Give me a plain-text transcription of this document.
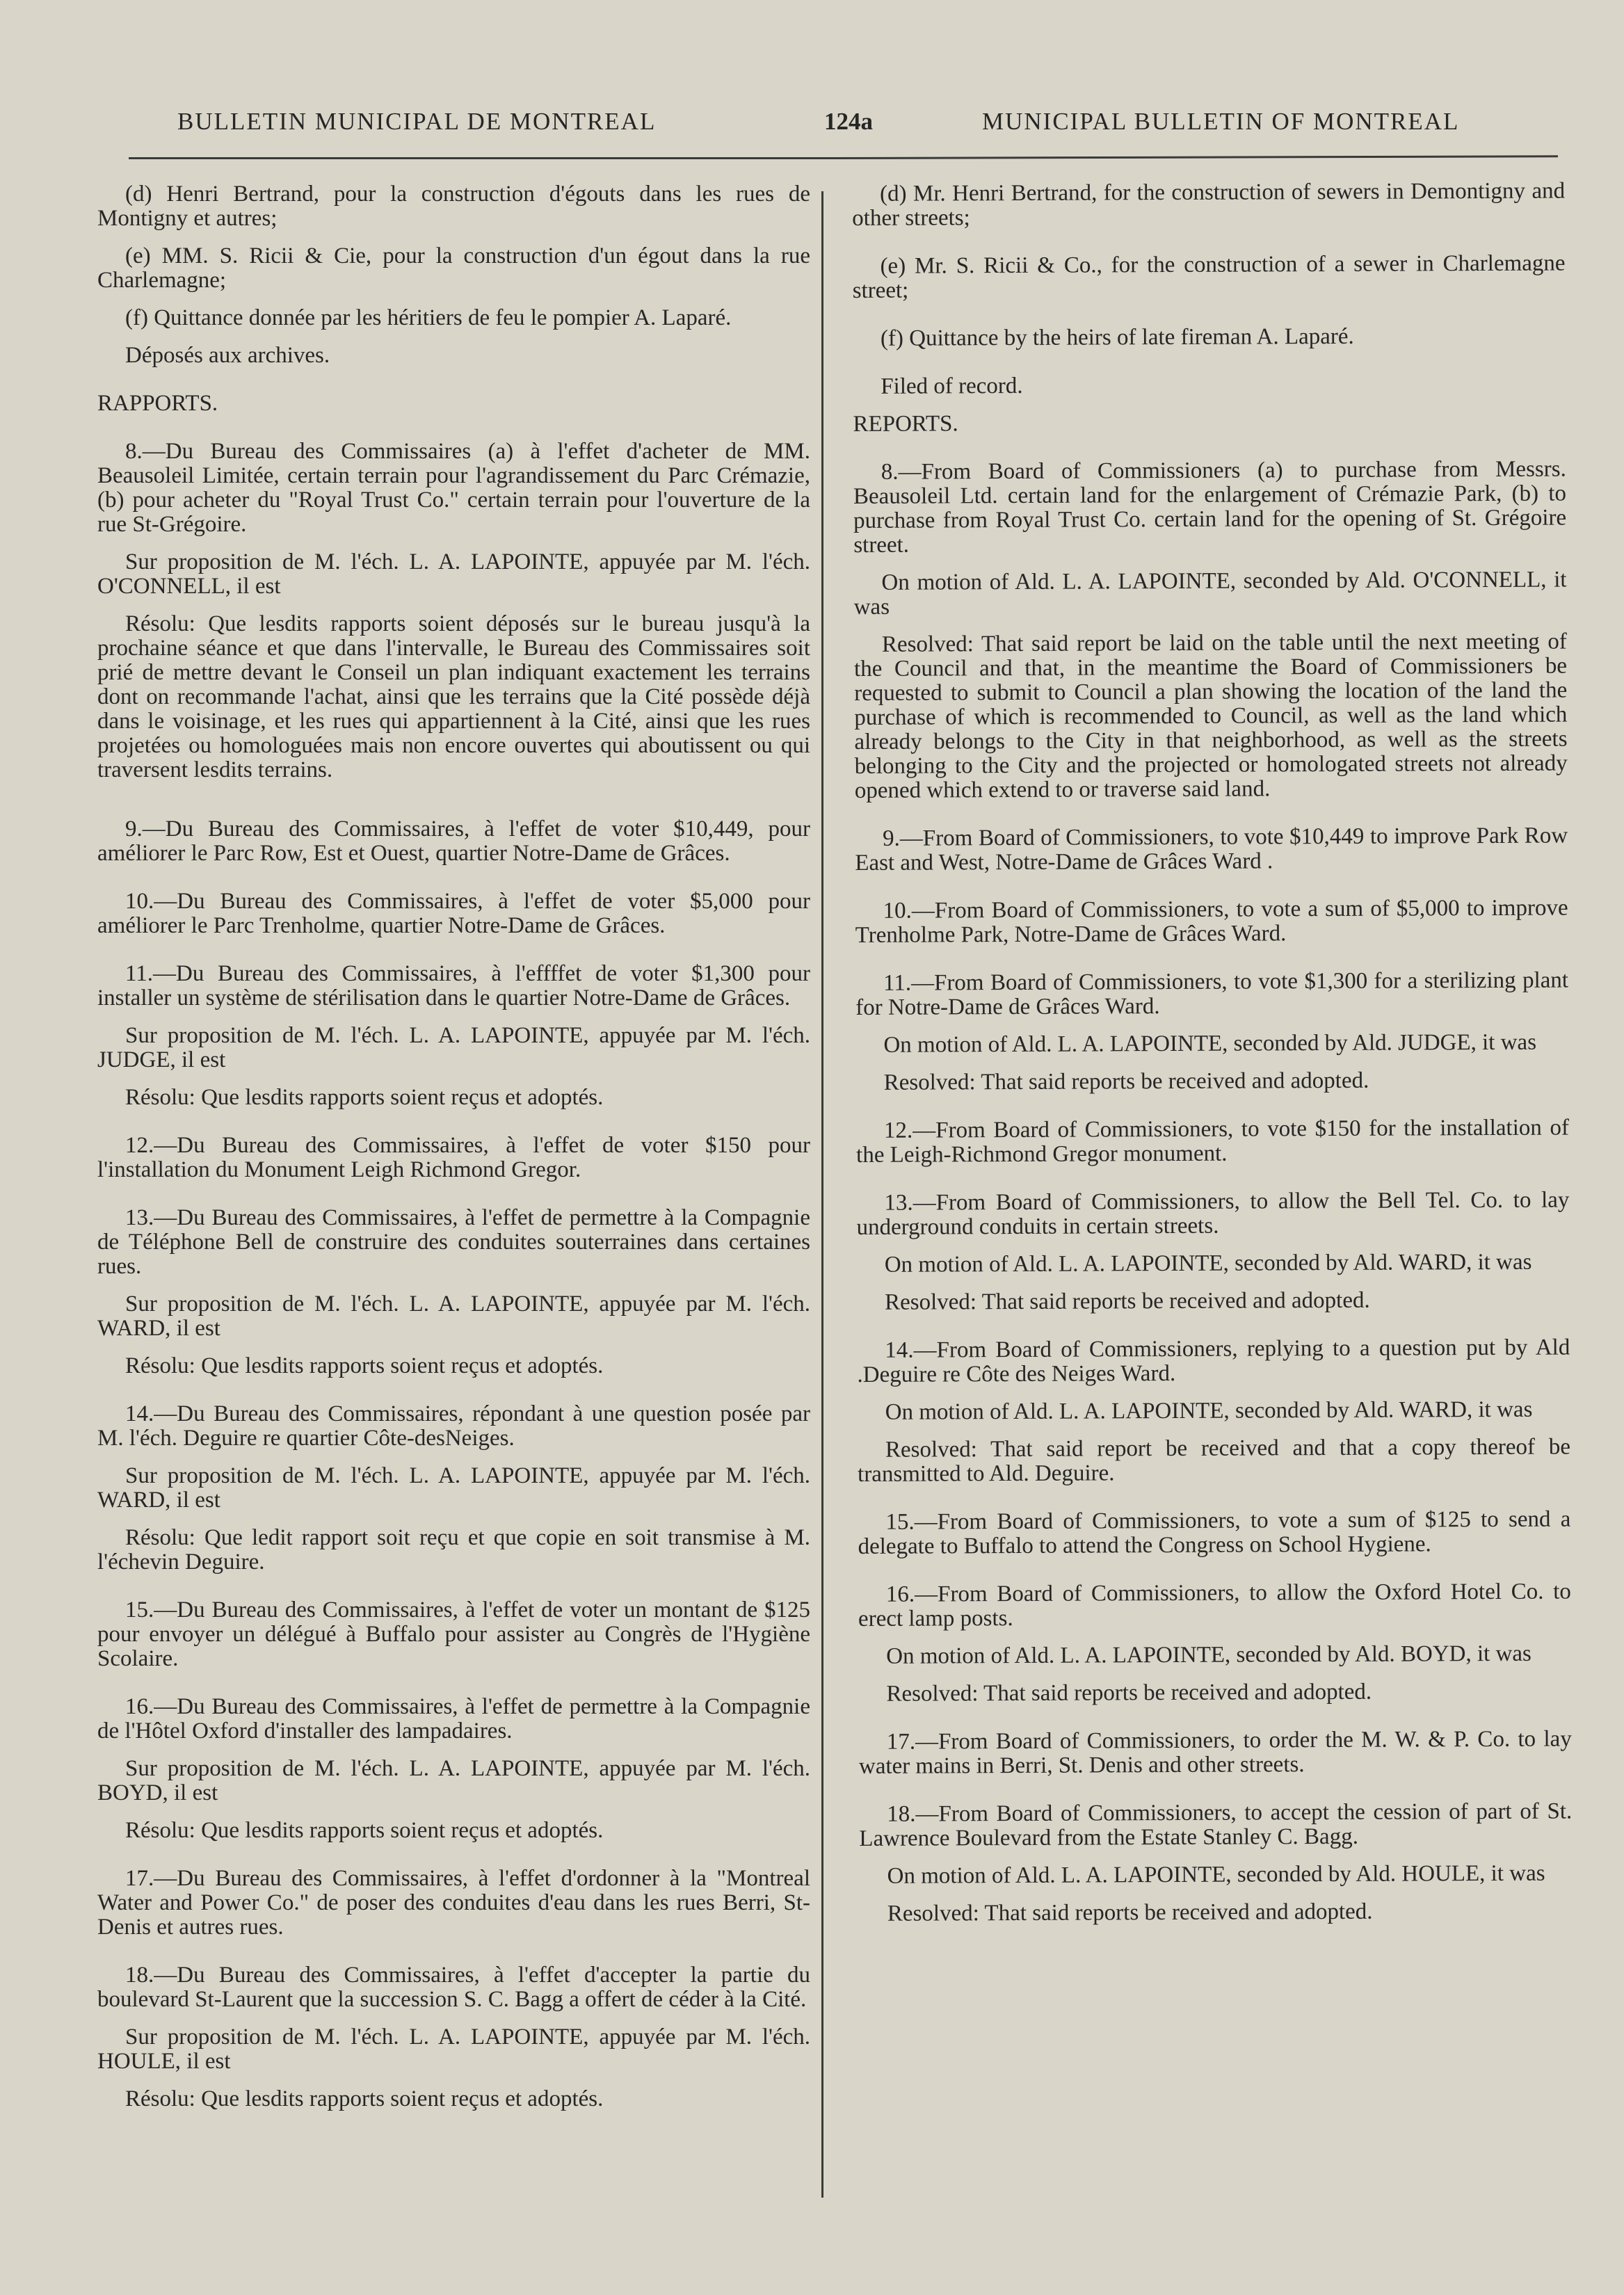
BULLETIN MUNICIPAL DE MONTREAL	124a	MUNICIPAL BULLETIN OF MONTREAL

(d) Henri Bertrand, pour la construction d'égouts dans les rues de Montigny et autres;

(e) MM. S. Ricii & Cie, pour la construction d'un égout dans la rue Charlemagne;

(f) Quittance donnée par les héritiers de feu le pompier A. Laparé.

Déposés aux archives.

RAPPORTS.

8.—Du Bureau des Commissaires (a) à l'effet d'acheter de MM. Beausoleil Limitée, certain terrain pour l'agrandissement du Parc Crémazie, (b) pour acheter du "Royal Trust Co." certain terrain pour l'ouverture de la rue St-Grégoire.

Sur proposition de M. l'éch. L. A. LAPOINTE, appuyée par M. l'éch. O'CONNELL, il est

Résolu: Que lesdits rapports soient déposés sur le bureau jusqu'à la prochaine séance et que dans l'intervalle, le Bureau des Commissaires soit prié de mettre devant le Conseil un plan indiquant exactement les terrains dont on recommande l'achat, ainsi que les terrains que la Cité possède déjà dans le voisinage, et les rues qui appartiennent à la Cité, ainsi que les rues projetées ou homologuées mais non encore ouvertes qui aboutissent ou qui traversent lesdits terrains.

9.—Du Bureau des Commissaires, à l'effet de voter $10,449, pour améliorer le Parc Row, Est et Ouest, quartier Notre-Dame de Grâces.

10.—Du Bureau des Commissaires, à l'effet de voter $5,000 pour améliorer le Parc Trenholme, quartier Notre-Dame de Grâces.

11.—Du Bureau des Commissaires, à l'effffet de voter $1,300 pour installer un système de stérilisation dans le quartier Notre-Dame de Grâces.

Sur proposition de M. l'éch. L. A. LAPOINTE, appuyée par M. l'éch. JUDGE, il est

Résolu: Que lesdits rapports soient reçus et adoptés.

12.—Du Bureau des Commissaires, à l'effet de voter $150 pour l'installation du Monument Leigh Richmond Gregor.

13.—Du Bureau des Commissaires, à l'effet de permettre à la Compagnie de Téléphone Bell de construire des conduites souterraines dans certaines rues.

Sur proposition de M. l'éch. L. A. LAPOINTE, appuyée par M. l'éch. WARD, il est

Résolu: Que lesdits rapports soient reçus et adoptés.

14.—Du Bureau des Commissaires, répondant à une question posée par M. l'éch. Deguire re quartier Côte-desNeiges.

Sur proposition de M. l'éch. L. A. LAPOINTE, appuyée par M. l'éch. WARD, il est

Résolu: Que ledit rapport soit reçu et que copie en soit transmise à M. l'échevin Deguire.

15.—Du Bureau des Commissaires, à l'effet de voter un montant de $125 pour envoyer un délégué à Buffalo pour assister au Congrès de l'Hygiène Scolaire.

16.—Du Bureau des Commissaires, à l'effet de permettre à la Compagnie de l'Hôtel Oxford d'installer des lampadaires.

Sur proposition de M. l'éch. L. A. LAPOINTE, appuyée par M. l'éch. BOYD, il est

Résolu: Que lesdits rapports soient reçus et adoptés.

17.—Du Bureau des Commissaires, à l'effet d'ordonner à la "Montreal Water and Power Co." de poser des conduites d'eau dans les rues Berri, St-Denis et autres rues.

18.—Du Bureau des Commissaires, à l'effet d'accepter la partie du boulevard St-Laurent que la succession S. C. Bagg a offert de céder à la Cité.

Sur proposition de M. l'éch. L. A. LAPOINTE, appuyée par M. l'éch. HOULE, il est

Résolu: Que lesdits rapports soient reçus et adoptés.

(d) Mr. Henri Bertrand, for the construction of sewers in Demontigny and other streets;

(e) Mr. S. Ricii & Co., for the construction of a sewer in Charlemagne street;

(f) Quittance by the heirs of late fireman A. Laparé.

Filed of record.

REPORTS.

8.—From Board of Commissioners (a) to purchase from Messrs. Beausoleil Ltd. certain land for the enlargement of Crémazie Park, (b) to purchase from Royal Trust Co. certain land for the opening of St. Grégoire street.

On motion of Ald. L. A. LAPOINTE, seconded by Ald. O'CONNELL, it was

Resolved: That said report be laid on the table until the next meeting of the Council and that, in the meantime the Board of Commissioners be requested to submit to Council a plan showing the location of the land the purchase of which is recommended to Council, as well as the land which already belongs to the City in that neighborhood, as well as the streets belonging to the City and the projected or homologated streets not already opened which extend to or traverse said land.

9.—From Board of Commissioners, to vote $10,449 to improve Park Row East and West, Notre-Dame de Grâces Ward .

10.—From Board of Commissioners, to vote a sum of $5,000 to improve Trenholme Park, Notre-Dame de Grâces Ward.

11.—From Board of Commissioners, to vote $1,300 for a sterilizing plant for Notre-Dame de Grâces Ward.

On motion of Ald. L. A. LAPOINTE, seconded by Ald. JUDGE, it was

Resolved: That said reports be received and adopted.

12.—From Board of Commissioners, to vote $150 for the installation of the Leigh-Richmond Gregor monument.

13.—From Board of Commissioners, to allow the Bell Tel. Co. to lay underground conduits in certain streets.

On motion of Ald. L. A. LAPOINTE, seconded by Ald. WARD, it was

Resolved: That said reports be received and adopted.

14.—From Board of Commissioners, replying to a question put by Ald .Deguire re Côte des Neiges Ward.

On motion of Ald. L. A. LAPOINTE, seconded by Ald. WARD, it was

Resolved: That said report be received and that a copy thereof be transmitted to Ald. Deguire.

15.—From Board of Commissioners, to vote a sum of $125 to send a delegate to Buffalo to attend the Congress on School Hygiene.

16.—From Board of Commissioners, to allow the Oxford Hotel Co. to erect lamp posts.

On motion of Ald. L. A. LAPOINTE, seconded by Ald. BOYD, it was

Resolved: That said reports be received and adopted.

17.—From Board of Commissioners, to order the M. W. & P. Co. to lay water mains in Berri, St. Denis and other streets.

18.—From Board of Commissioners, to accept the cession of part of St. Lawrence Boulevard from the Estate Stanley C. Bagg.

On motion of Ald. L. A. LAPOINTE, seconded by Ald. HOULE, it was

Resolved: That said reports be received and adopted.
